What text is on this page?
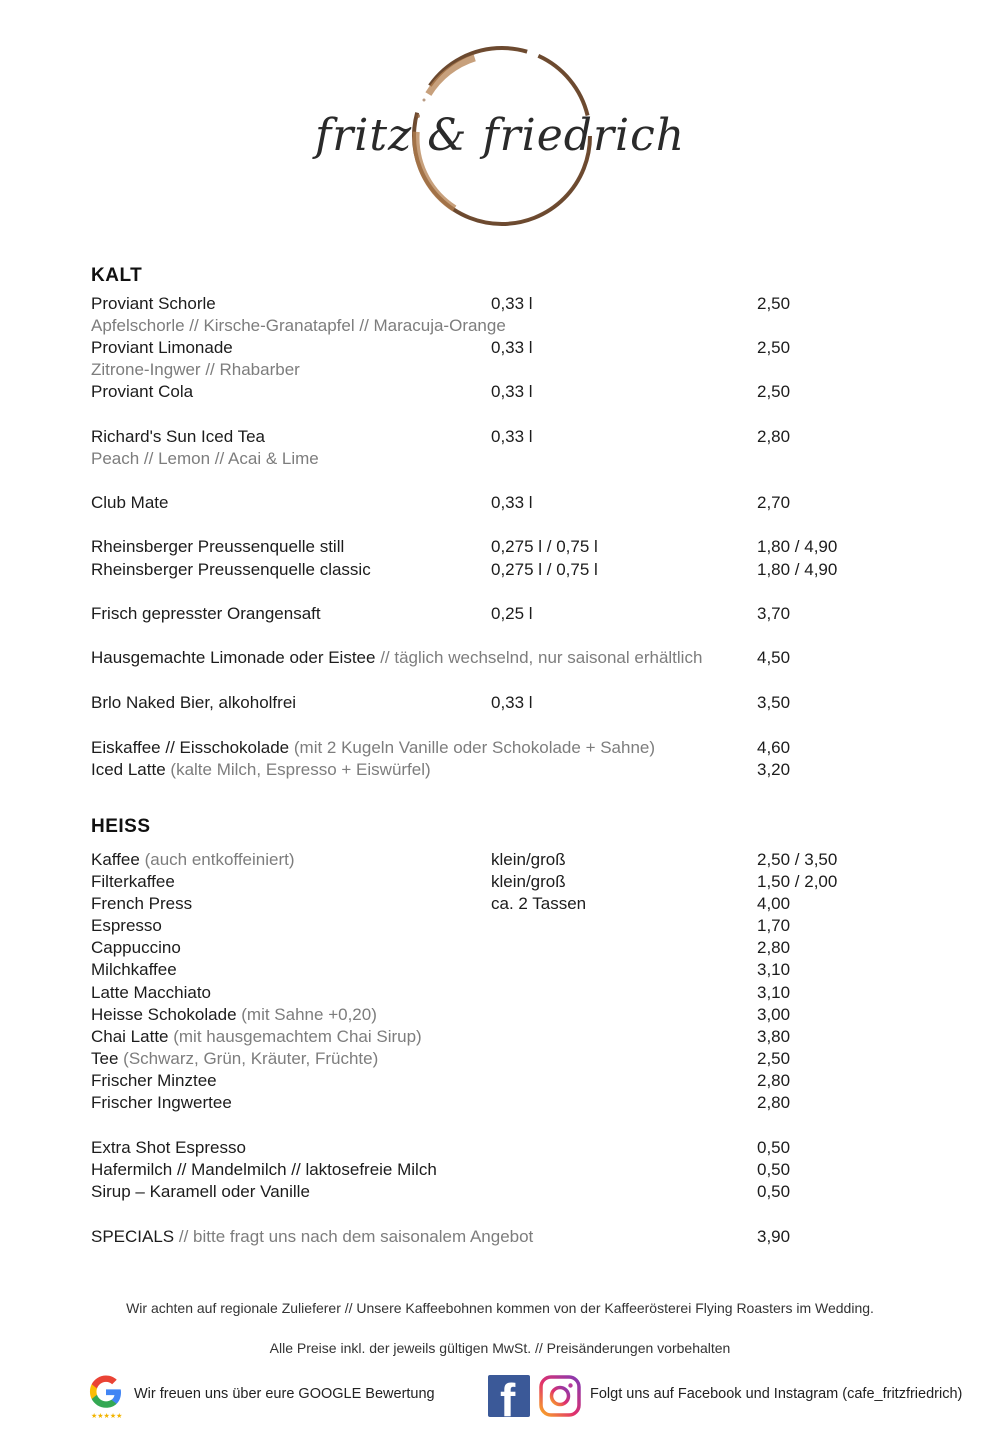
fritz & friedrich
KALT
Proviant Schorle	0,33 l	2,50
Apfelschorle // Kirsche-Granatapfel // Maracuja-Orange
Proviant Limonade	0,33 l	2,50
Zitrone-Ingwer // Rhabarber
Proviant Cola	0,33 l	2,50
Richard's Sun Iced Tea	0,33 l	2,80
Peach // Lemon // Acai & Lime
Club Mate	0,33 l	2,70
Rheinsberger Preussenquelle still	0,275 l / 0,75 l	1,80 / 4,90
Rheinsberger Preussenquelle classic	0,275 l / 0,75 l	1,80 / 4,90
Frisch gepresster Orangensaft	0,25 l	3,70
Hausgemachte Limonade oder Eistee // täglich wechselnd, nur saisonal erhältlich	4,50
Brlo Naked Bier, alkoholfrei	0,33 l	3,50
Eiskaffee // Eisschokolade (mit 2 Kugeln Vanille oder Schokolade + Sahne)	4,60
Iced Latte (kalte Milch, Espresso + Eiswürfel)	3,20
HEISS
Kaffee (auch entkoffeiniert)	klein/groß	2,50 / 3,50
Filterkaffee	klein/groß	1,50 / 2,00
French Press	ca. 2 Tassen	4,00
Espresso	1,70
Cappuccino	2,80
Milchkaffee	3,10
Latte Macchiato	3,10
Heisse Schokolade (mit Sahne +0,20)	3,00
Chai Latte (mit hausgemachtem Chai Sirup)	3,80
Tee (Schwarz, Grün, Kräuter, Früchte)	2,50
Frischer Minztee	2,80
Frischer Ingwertee	2,80
Extra Shot Espresso	0,50
Hafermilch // Mandelmilch // laktosefreie Milch	0,50
Sirup – Karamell oder Vanille	0,50
SPECIALS // bitte fragt uns nach dem saisonalem Angebot	3,90
Wir achten auf regionale Zulieferer // Unsere Kaffeebohnen kommen von der Kaffeerösterei Flying Roasters im Wedding.
Alle Preise inkl. der jeweils gültigen MwSt. // Preisänderungen vorbehalten
★★★★★
Wir freuen uns über eure GOOGLE Bewertung f	Folgt uns auf Facebook und Instagram (cafe_fritzfriedrich)
